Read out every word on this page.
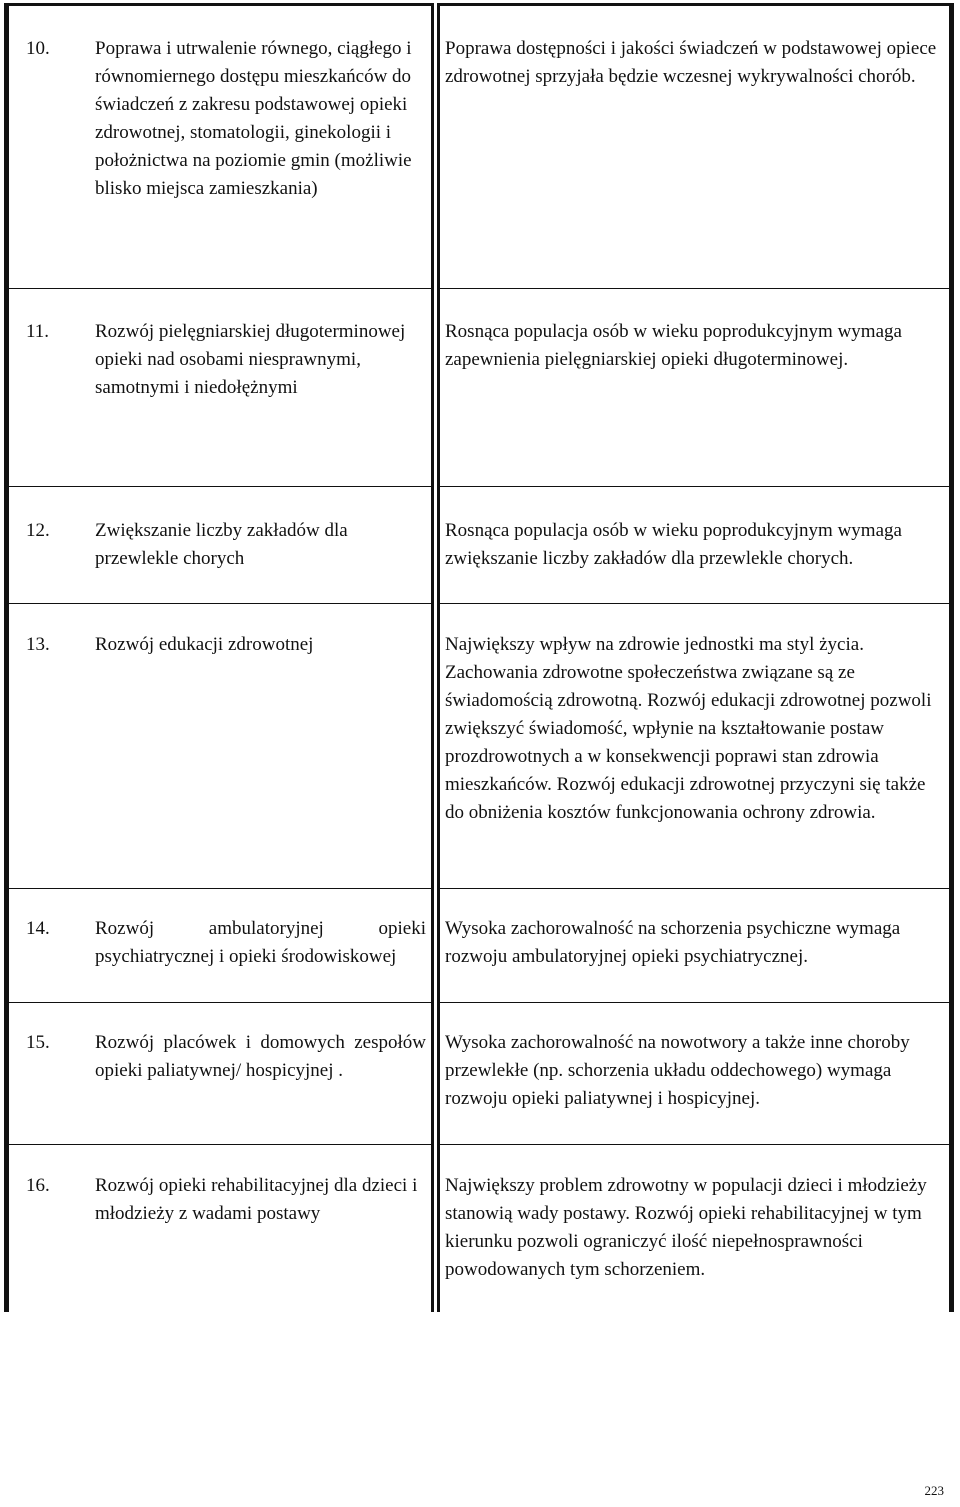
10. Poprawa i utrwalenie równego, ciągłego i równomiernego dostępu mieszkańców do świadczeń z zakresu podstawowej opieki zdrowotnej, stomatologii, ginekologii i położnictwa na poziomie gmin (możliwie blisko miejsca zamieszkania)
Poprawa dostępności i jakości świadczeń w podstawowej opiece zdrowotnej sprzyjała będzie wczesnej wykrywalności chorób.
11. Rozwój pielęgniarskiej długoterminowej opieki nad osobami niesprawnymi, samotnymi i niedołężnymi
Rosnąca populacja osób w wieku poprodukcyjnym wymaga zapewnienia pielęgniarskiej opieki długoterminowej.
12. Zwiększanie liczby zakładów dla przewlekle chorych
Rosnąca populacja osób w wieku poprodukcyjnym wymaga zwiększanie liczby zakładów dla przewlekle chorych.
13. Rozwój edukacji zdrowotnej	Największy wpływ na zdrowie jednostki ma styl życia. Zachowania zdrowotne społeczeństwa związane są ze świadomością zdrowotną. Rozwój edukacji zdrowotnej pozwoli zwiększyć świadomość, wpłynie na kształtowanie postaw prozdrowotnych a w konsekwencji poprawi stan zdrowia mieszkańców. Rozwój edukacji zdrowotnej przyczyni się także do obniżenia kosztów funkcjonowania ochrony zdrowia.
14. Rozwój ambulatoryjnej opieki psychiatrycznej i opieki środowiskowej
Wysoka zachorowalność na schorzenia psychiczne wymaga rozwoju ambulatoryjnej opieki psychiatrycznej.
15. Rozwój placówek i domowych zespołów opieki paliatywnej/ hospicyjnej .
Wysoka zachorowalność na nowotwory a także inne choroby przewlekłe (np. schorzenia układu oddechowego) wymaga rozwoju opieki paliatywnej i hospicyjnej.
16. Rozwój opieki rehabilitacyjnej dla dzieci i młodzieży z wadami postawy
Największy problem zdrowotny w populacji dzieci i młodzieży stanowią wady postawy. Rozwój opieki rehabilitacyjnej w tym kierunku pozwoli ograniczyć ilość niepełnosprawności powodowanych tym schorzeniem.
223
